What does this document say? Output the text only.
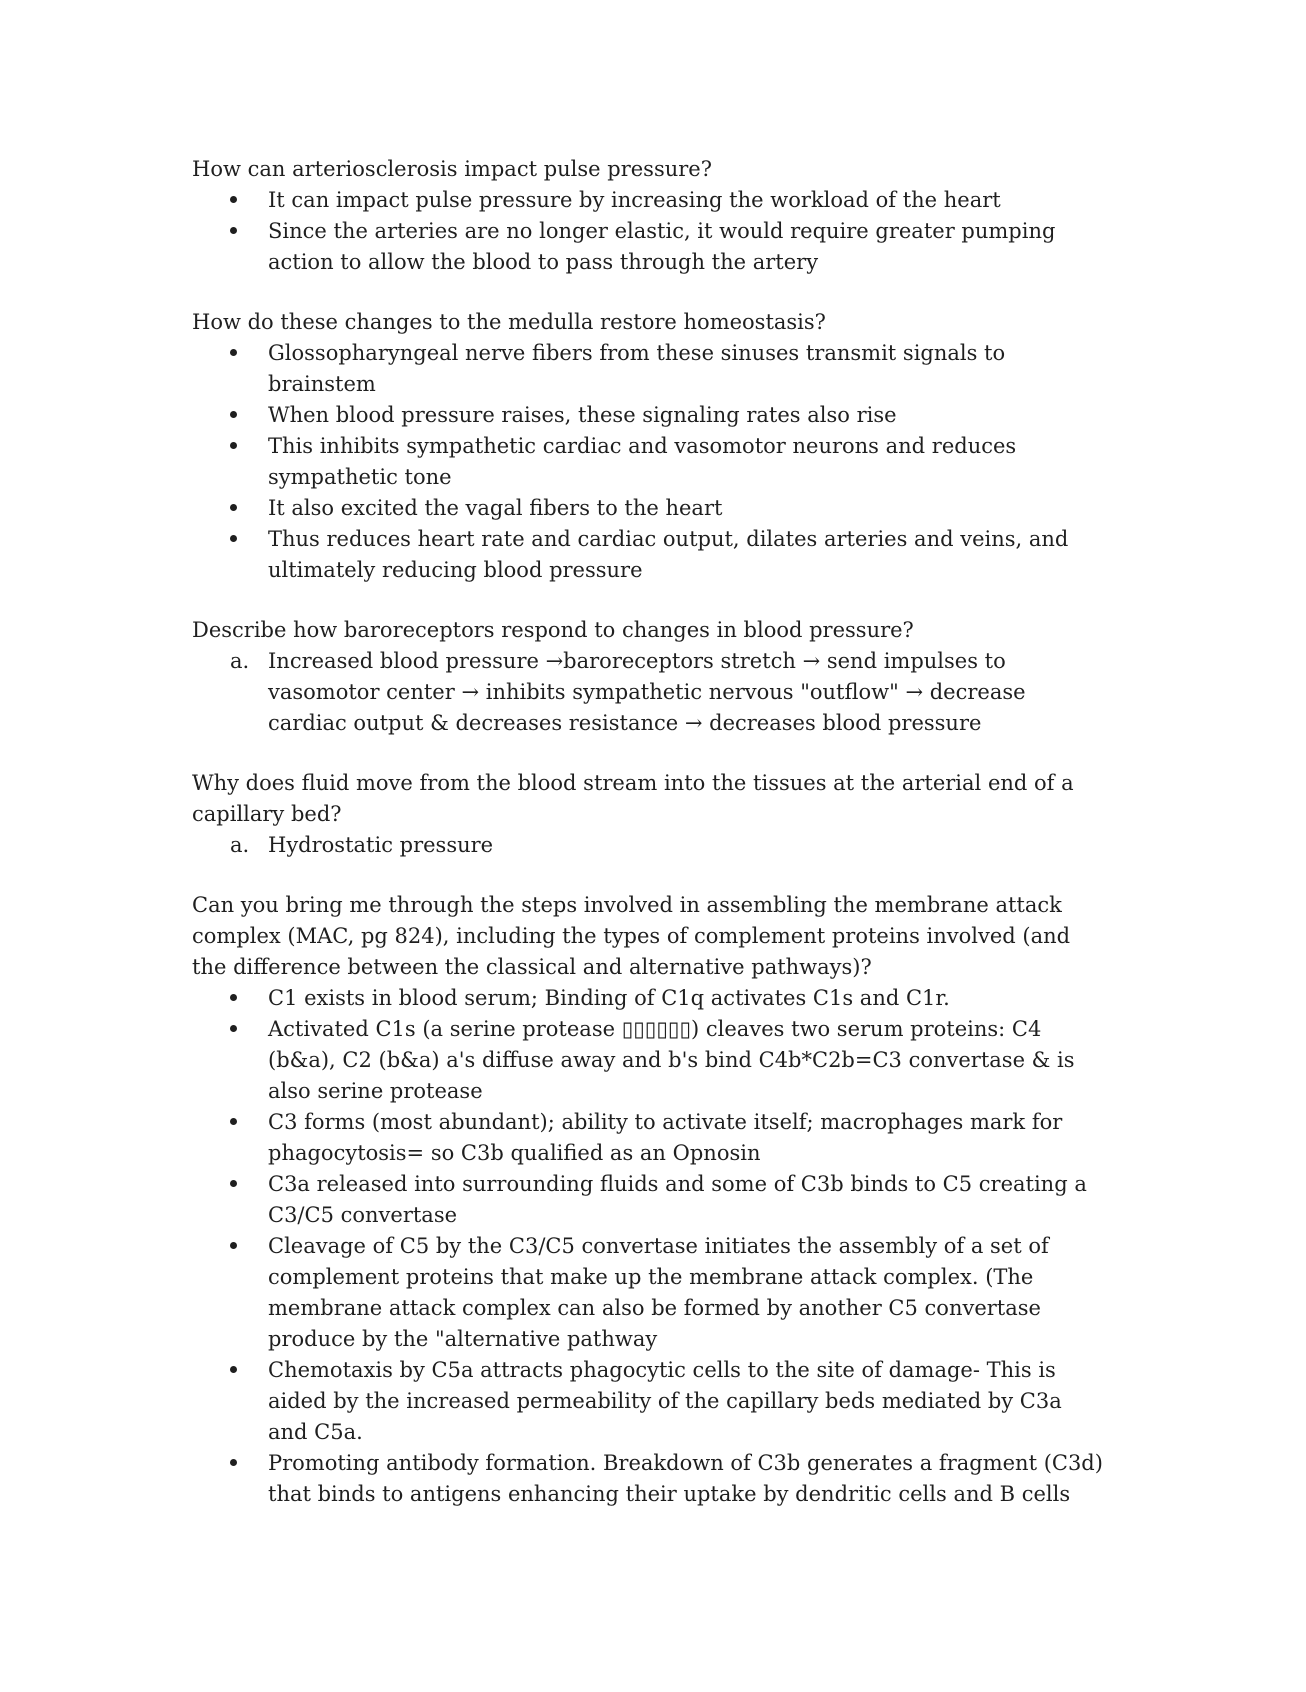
How can arteriosclerosis impact pulse pressure?

It can impact pulse pressure by increasing the workload of the heart
Since the arteries are no longer elastic, it would require greater pumping action to allow the blood to pass through the artery

How do these changes to the medulla restore homeostasis?

Glossopharyngeal nerve fibers from these sinuses transmit signals to brainstem
When blood pressure raises, these signaling rates also rise
This inhibits sympathetic cardiac and vasomotor neurons and reduces sympathetic tone
It also excited the vagal fibers to the heart
Thus reduces heart rate and cardiac output, dilates arteries and veins, and ultimately reducing blood pressure

Describe how baroreceptors respond to changes in blood pressure?

a. Increased blood pressure →baroreceptors stretch → send impulses to vasomotor center → inhibits sympathetic nervous "outflow" → decrease cardiac output & decreases resistance → decreases blood pressure

Why does fluid move from the blood stream into the tissues at the arterial end of a capillary bed?

a. Hydrostatic pressure

Can you bring me through the steps involved in assembling the membrane attack complex (MAC, pg 824), including the types of complement proteins involved (and the difference between the classical and alternative pathways)?

C1 exists in blood serum; Binding of C1q activates C1s and C1r.
Activated C1s (a serine protease ▯▯▯▯▯▯) cleaves two serum proteins: C4 (b&a), C2 (b&a) a's diffuse away and b's bind C4b*C2b=C3 convertase & is also serine protease
C3 forms (most abundant); ability to activate itself; macrophages mark for phagocytosis= so C3b qualified as an Opnosin
C3a released into surrounding fluids and some of C3b binds to C5 creating a C3/C5 convertase
Cleavage of C5 by the C3/C5 convertase initiates the assembly of a set of complement proteins that make up the membrane attack complex. (The membrane attack complex can also be formed by another C5 convertase produce by the "alternative pathway
Chemotaxis by C5a attracts phagocytic cells to the site of damage- This is aided by the increased permeability of the capillary beds mediated by C3a and C5a.
Promoting antibody formation. Breakdown of C3b generates a fragment (C3d) that binds to antigens enhancing their uptake by dendritic cells and B cells
